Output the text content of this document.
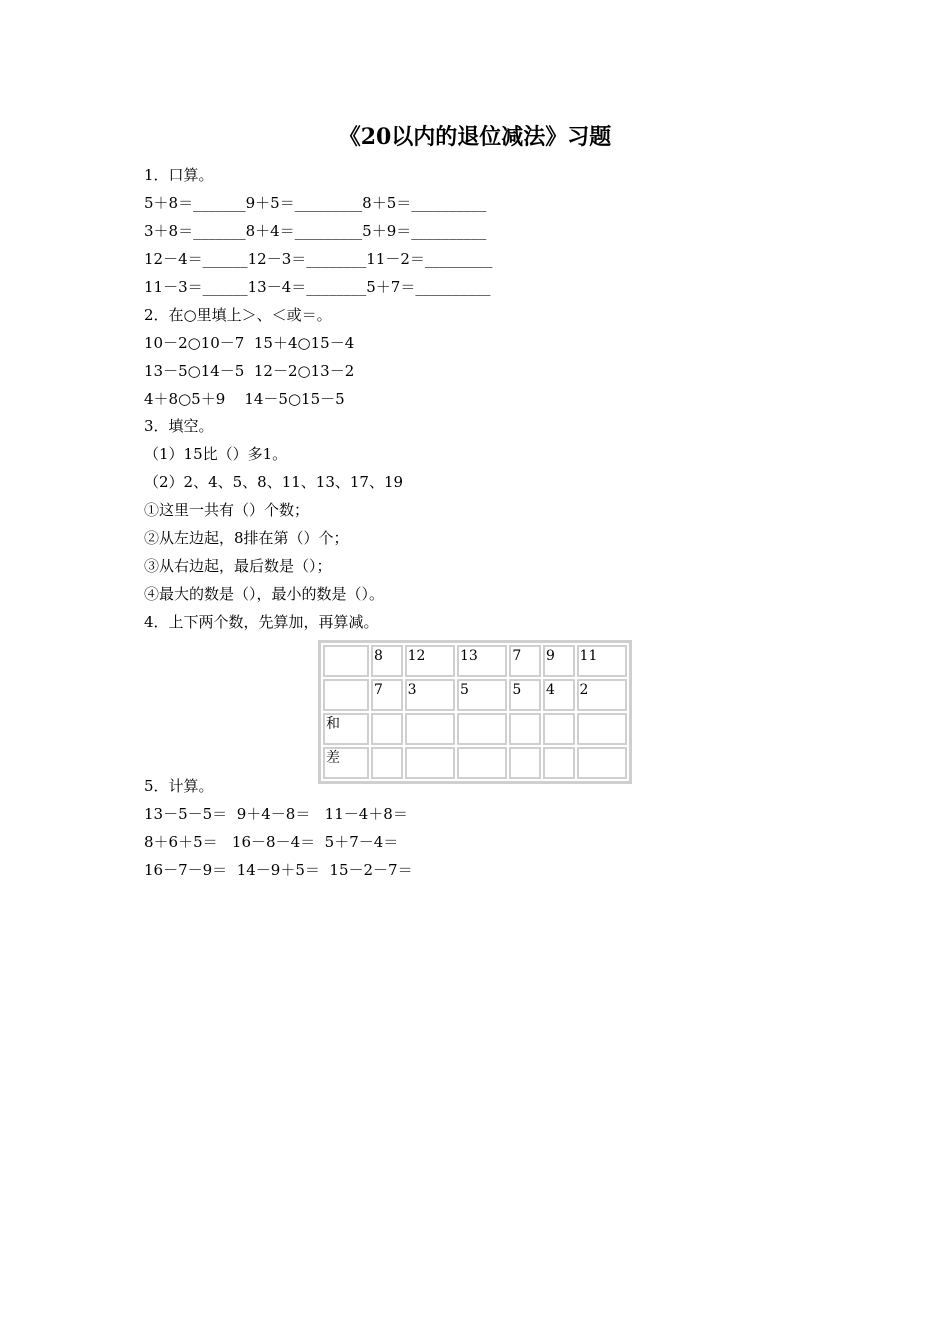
《20以内的退位减法》习题
1．口算。
5＋8＝_______9＋5＝_________8＋5＝__________
3＋8＝_______8＋4＝_________5＋9＝__________
12－4＝______12－3＝________11－2＝_________
11－3＝______13－4＝________5＋7＝__________
2．在○里填上＞、＜或＝。
10－2○10－7  15＋4○15－4
13－5○14－5  12－2○13－2
4＋8○5＋9    14－5○15－5
3．填空。
（1）15比（）多1。
（2）2、4、5、8、11、13、17、19
①这里一共有（）个数；
②从左边起，8排在第（）个；
③从右边起，最后数是（）；
④最大的数是（），最小的数是（）。
4．上下两个数，先算加，再算减。
	8	12	13	7	9	11
	7	3	5	5	4	2
和						
差						
5．计算。
13－5－5＝  9＋4－8＝   11－4＋8＝
8＋6＋5＝   16－8－4＝  5＋7－4＝
16－7－9＝  14－9＋5＝  15－2－7＝
